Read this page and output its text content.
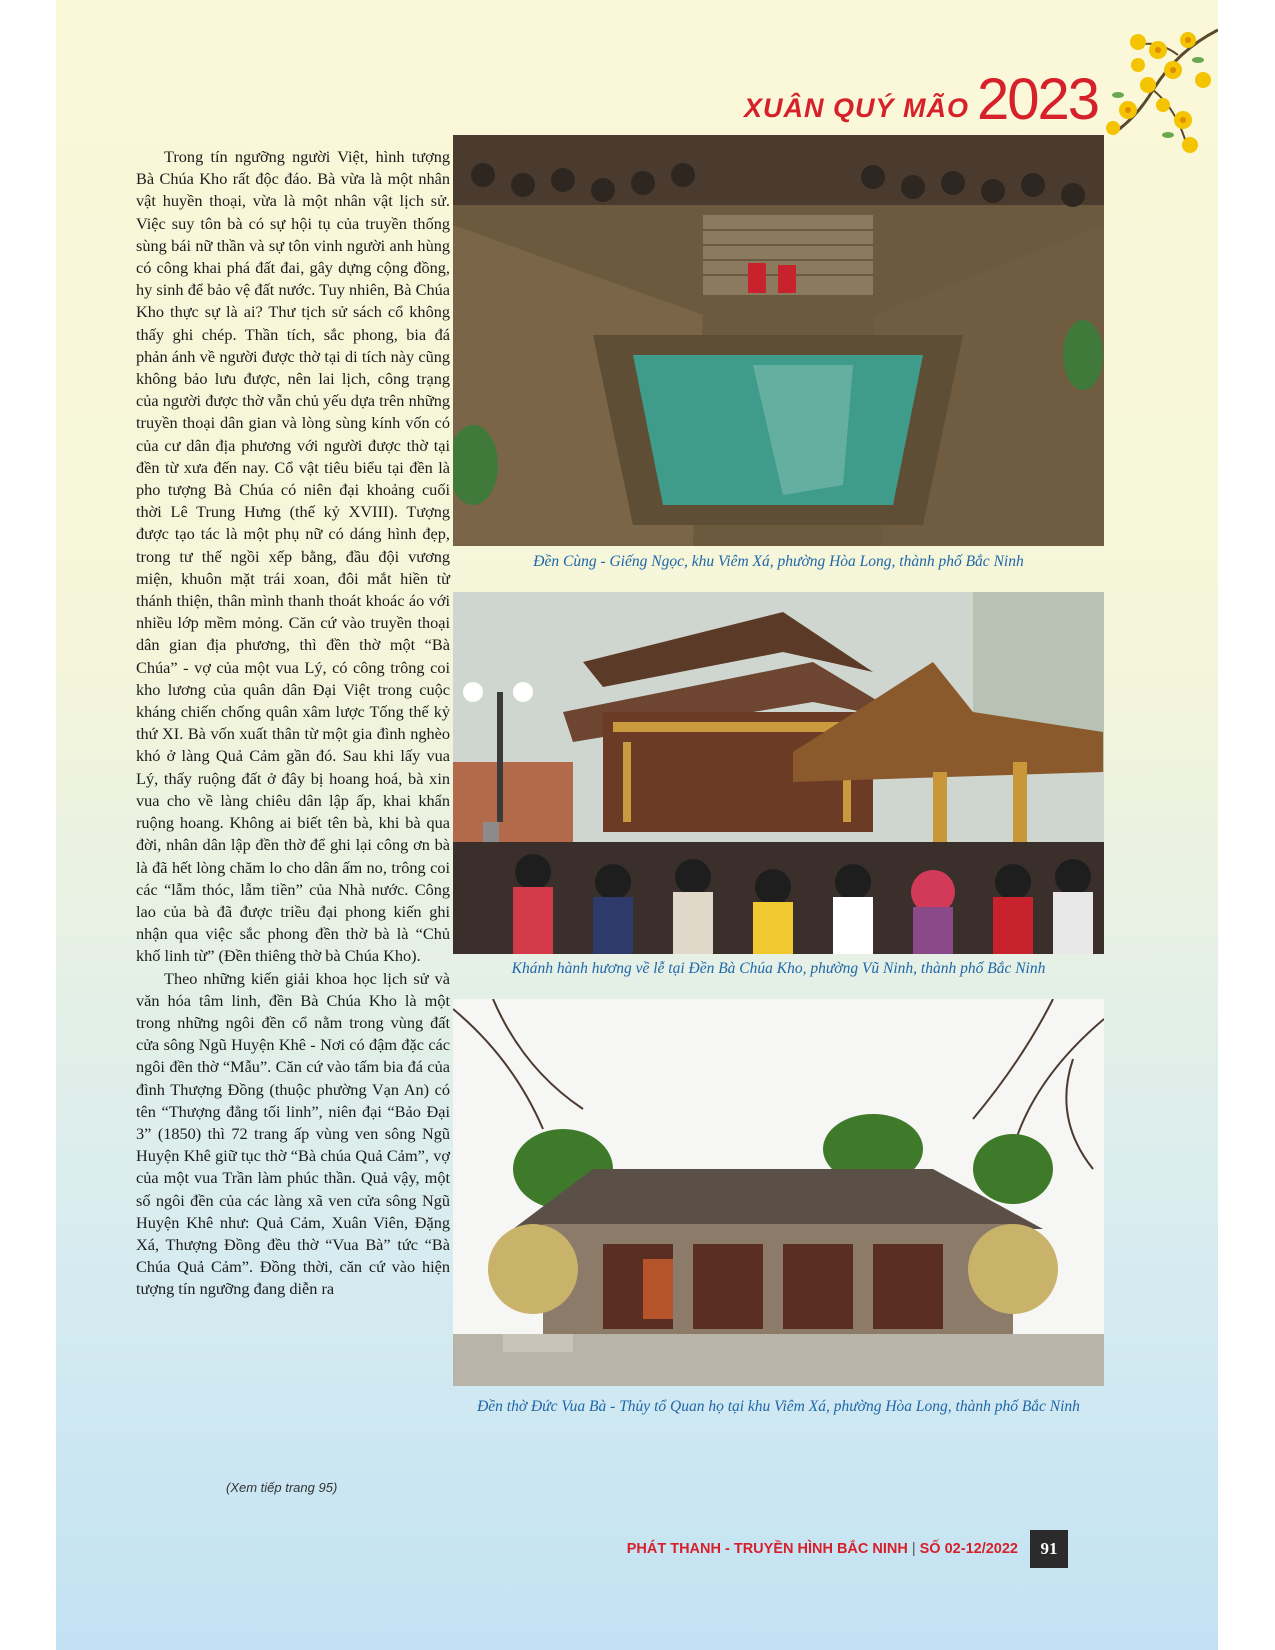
XUÂN QUÝ MÃO 2023

Trong tín ngưỡng người Việt, hình tượng Bà Chúa Kho rất độc đáo. Bà vừa là một nhân vật huyền thoại, vừa là một nhân vật lịch sử. Việc suy tôn bà có sự hội tụ của truyền thống sùng bái nữ thần và sự tôn vinh người anh hùng có công khai phá đất đai, gây dựng cộng đồng, hy sinh để bảo vệ đất nước. Tuy nhiên, Bà Chúa Kho thực sự là ai? Thư tịch sử sách cổ không thấy ghi chép. Thần tích, sắc phong, bia đá phản ánh về người được thờ tại di tích này cũng không bảo lưu được, nên lai lịch, công trạng của người được thờ vẫn chủ yếu dựa trên những truyền thoại dân gian và lòng sùng kính vốn có của cư dân địa phương với người được thờ tại đền từ xưa đến nay. Cổ vật tiêu biểu tại đền là pho tượng Bà Chúa có niên đại khoảng cuối thời Lê Trung Hưng (thế kỷ XVIII). Tượng được tạo tác là một phụ nữ có dáng hình đẹp, trong tư thế ngồi xếp bằng, đầu đội vương miện, khuôn mặt trái xoan, đôi mắt hiền từ thánh thiện, thân mình thanh thoát khoác áo với nhiều lớp mềm mỏng. Căn cứ vào truyền thoại dân gian địa phương, thì đền thờ một “Bà Chúa” - vợ của một vua Lý, có công trông coi kho lương của quân dân Đại Việt trong cuộc kháng chiến chống quân xâm lược Tống thế kỷ thứ XI. Bà vốn xuất thân từ một gia đình nghèo khó ở làng Quả Cảm gần đó. Sau khi lấy vua Lý, thấy ruộng đất ở đây bị hoang hoá, bà xin vua cho về làng chiêu dân lập ấp, khai khẩn ruộng hoang. Không ai biết tên bà, khi bà qua đời, nhân dân lập đền thờ để ghi lại công ơn bà là đã hết lòng chăm lo cho dân ấm no, trông coi các “lẫm thóc, lẫm tiền” của Nhà nước. Công lao của bà đã được triều đại phong kiến ghi nhận qua việc sắc phong đền thờ bà là “Chủ khố linh từ” (Đền thiêng thờ bà Chúa Kho).

Theo những kiến giải khoa học lịch sử và văn hóa tâm linh, đền Bà Chúa Kho là một trong những ngôi đền cổ nằm trong vùng đất cửa sông Ngũ Huyện Khê - Nơi có đậm đặc các ngôi đền thờ “Mẫu”. Căn cứ vào tấm bia đá của đình Thượng Đồng (thuộc phường Vạn An) có tên “Thượng đẳng tối linh”, niên đại “Bảo Đại 3” (1850) thì 72 trang ấp vùng ven sông Ngũ Huyện Khê giữ tục thờ “Bà chúa Quả Cảm”, vợ của một vua Trần làm phúc thần. Quả vậy, một số ngôi đền của các làng xã ven cửa sông Ngũ Huyện Khê như: Quả Cảm, Xuân Viên, Đặng Xá, Thượng Đồng đều thờ “Vua Bà” tức “Bà Chúa Quả Cảm”. Đồng thời, căn cứ vào hiện tượng tín ngưỡng đang diễn ra

(Xem tiếp trang 95)
Đền Cùng - Giếng Ngọc, khu Viêm Xá, phường Hòa Long, thành phố Bắc Ninh
Khánh hành hương về lễ tại Đền Bà Chúa Kho, phường Vũ Ninh, thành phố Bắc Ninh
Đền thờ Đức Vua Bà - Thủy tổ Quan họ tại khu Viêm Xá, phường Hòa Long, thành phố Bắc Ninh
PHÁT THANH - TRUYỀN HÌNH BẮC NINH | SỐ 02-12/2022	91
